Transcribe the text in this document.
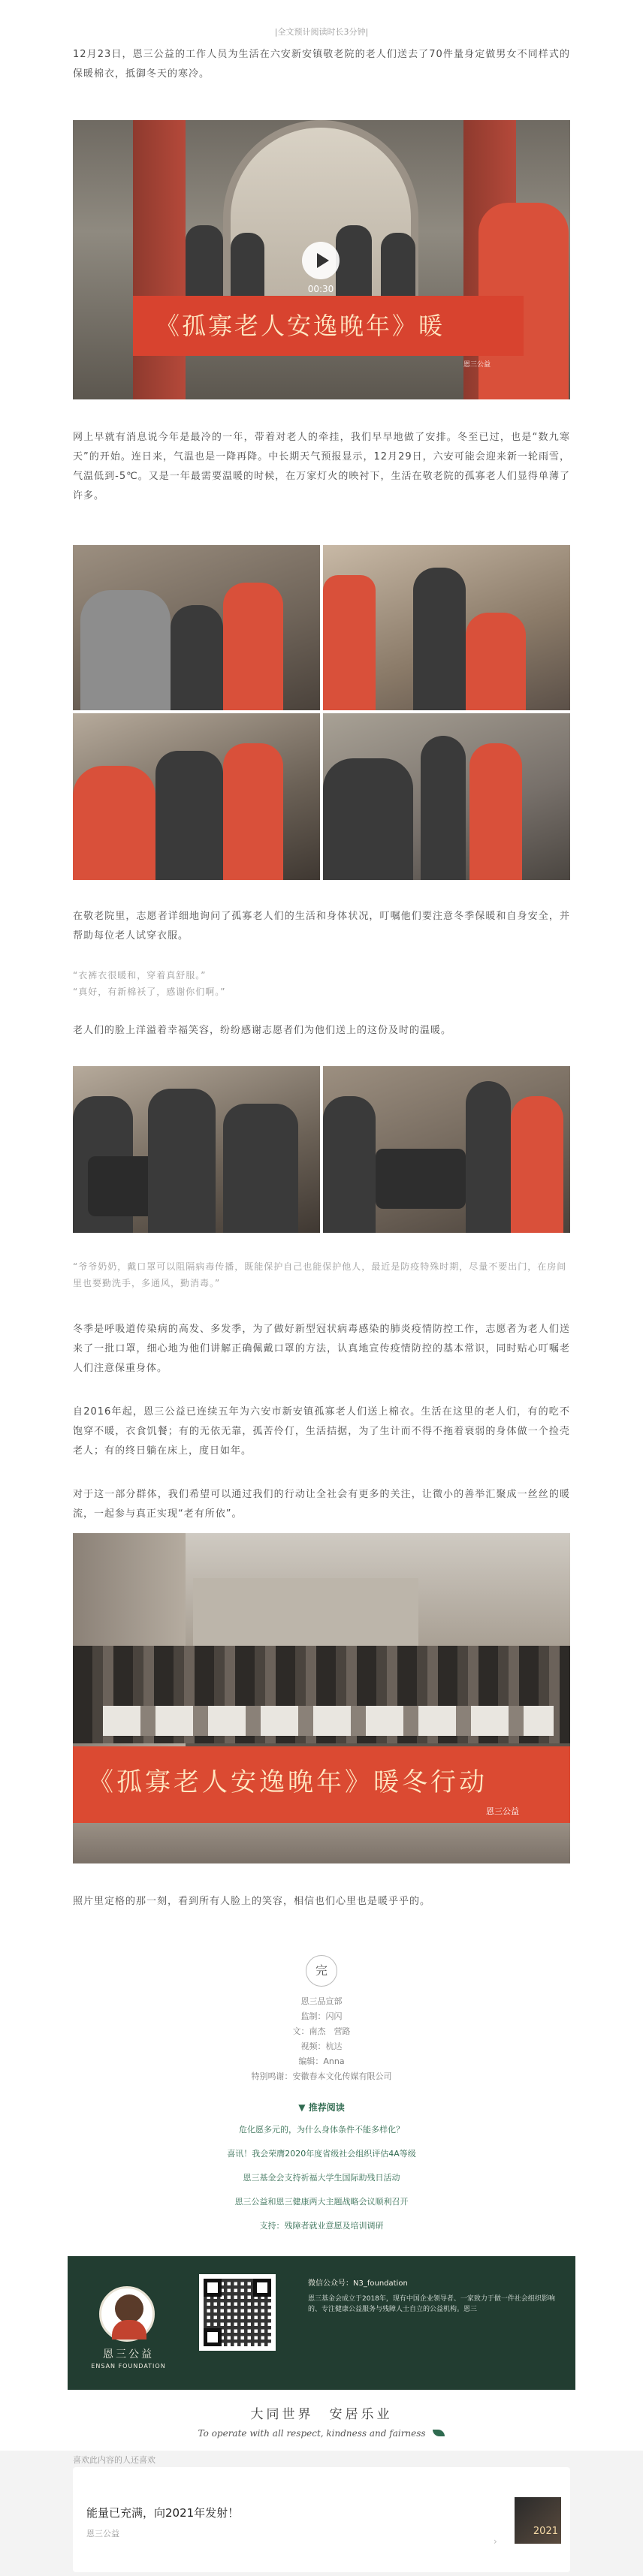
|全文预计阅读时长3分钟|

12月23日，恩三公益的工作人员为生活在六安新安镇敬老院的老人们送去了70件量身定做男女不同样式的保暖棉衣，抵御冬天的寒冷。

《孤寡老人安逸晚年》暖
00:30
恩三公益

网上早就有消息说今年是最冷的一年，带着对老人的牵挂，我们早早地做了安排。冬至已过，也是“数九寒天”的开始。连日来，气温也是一降再降。中长期天气预报显示，12月29日，六安可能会迎来新一轮雨雪，气温低到-5℃。又是一年最需要温暖的时候，在万家灯火的映衬下，生活在敬老院的孤寡老人们显得单薄了许多。

在敬老院里，志愿者详细地询问了孤寡老人们的生活和身体状况，叮嘱他们要注意冬季保暖和自身安全，并帮助每位老人试穿衣服。

“衣裤衣很暖和，穿着真舒服。”

“真好，有新棉袄了，感谢你们啊。”

老人们的脸上洋溢着幸福笑容，纷纷感谢志愿者们为他们送上的这份及时的温暖。

“爷爷奶奶，戴口罩可以阻隔病毒传播，既能保护自己也能保护他人，最近是防疫特殊时期，尽量不要出门，在房间里也要勤洗手，多通风，勤消毒。”

冬季是呼吸道传染病的高发、多发季，为了做好新型冠状病毒感染的肺炎疫情防控工作，志愿者为老人们送来了一批口罩，细心地为他们讲解正确佩戴口罩的方法，认真地宣传疫情防控的基本常识，同时贴心叮嘱老人们注意保重身体。

自2016年起，恩三公益已连续五年为六安市新安镇孤寡老人们送上棉衣。生活在这里的老人们，有的吃不饱穿不暖，衣食饥餐；有的无依无靠，孤苦伶仃，生活拮据，为了生计而不得不拖着衰弱的身体做一个捡壳老人；有的终日躺在床上，度日如年。

对于这一部分群体，我们希望可以通过我们的行动让全社会有更多的关注，让微小的善举汇聚成一丝丝的暖流，一起参与真正实现“老有所依”。

《孤寡老人安逸晚年》暖冬行动
恩三公益

照片里定格的那一刻，看到所有人脸上的笑容，相信也们心里也是暖乎乎的。

完
恩三品宣部
监制：闪闪
文：南杰　营路
视频：杭达
编辑：Anna
特别鸣谢：安徽春本文化传媒有限公司
▼ 推荐阅读
危化愿多元的，为什么身体条件不能多样化？
喜讯！我会荣膺2020年度省级社会组织评估4A等级
恩三基金会支持祈福大学生国际助残日活动
恩三公益和恩三健康两大主题战略会议顺利召开
支持：残障者就业意愿及培训调研
恩三公益
ENSAN FOUNDATION
微信公众号：N3_foundation
恩三基金会成立于2018年，现有中国企业领导者、一家致力于做一件社会组织影响的、专注健康公益服务与残障人士自立的公益机构。恩三
大同世界　安居乐业
To operate with all respect, kindness and fairness
喜欢此内容的人还喜欢
能量已充满，向2021年发射！
恩三公益
›
2021
